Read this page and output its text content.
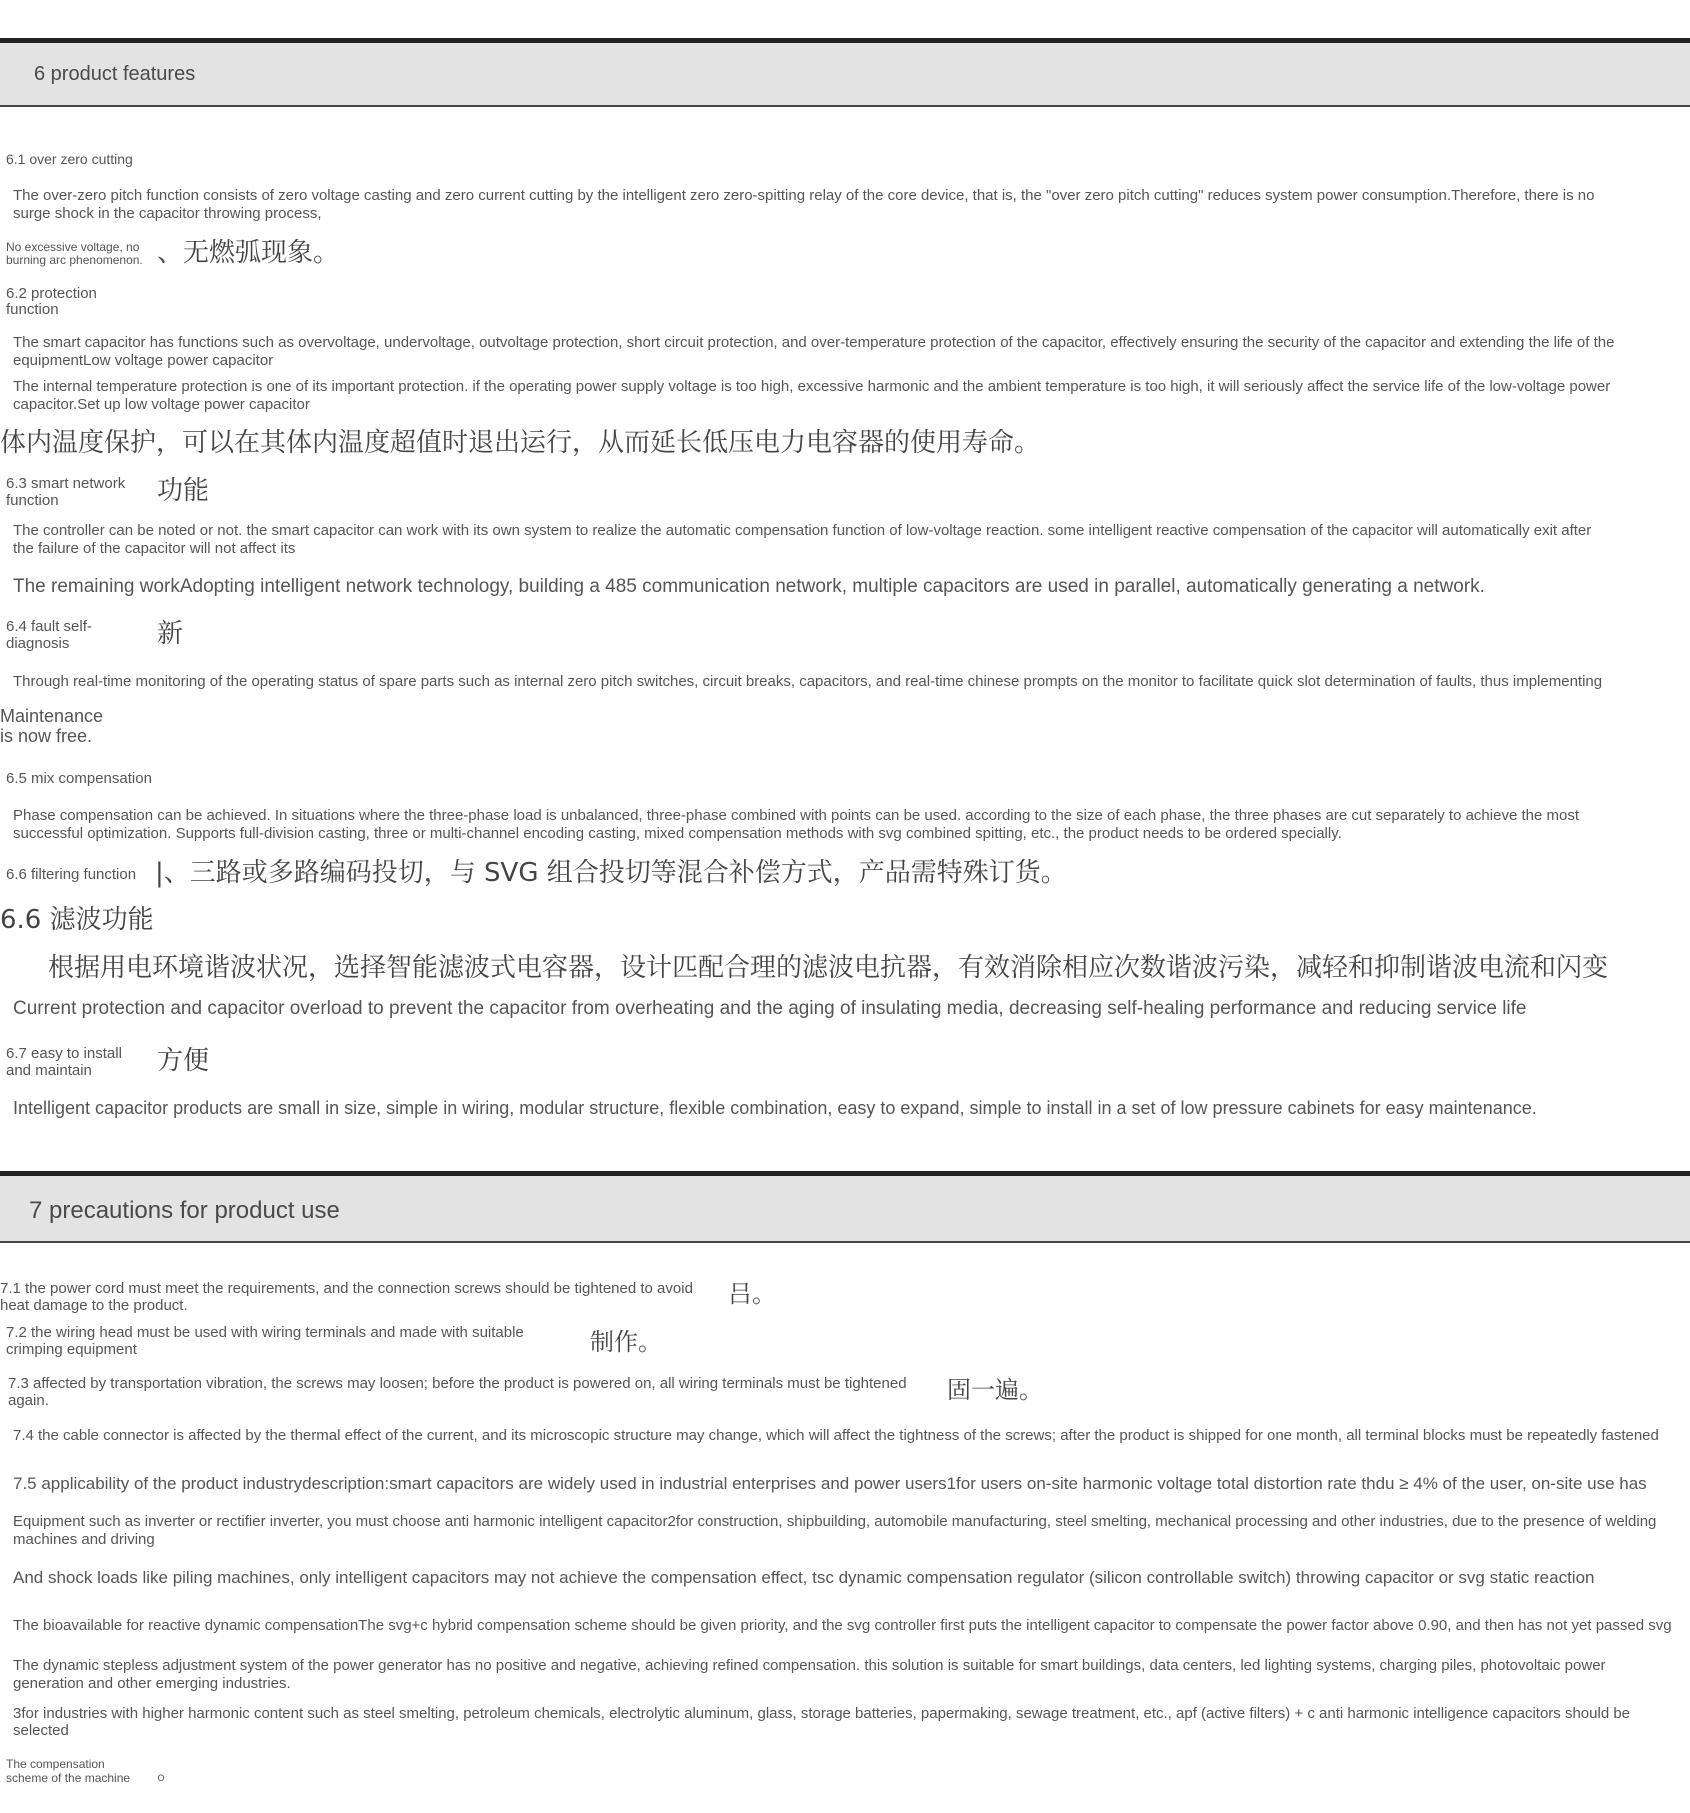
6 product features
6.1 over zero cutting
The over-zero pitch function consists of zero voltage casting and zero current cutting by the intelligent zero zero-spitting relay of the core device, that is, the "over zero pitch cutting" reduces system power consumption.Therefore, there is no
surge shock in the capacitor throwing process,
No excessive voltage, no
burning arc phenomenon. 、无燃弧现象。
6.2 protection
function
The smart capacitor has functions such as overvoltage, undervoltage, outvoltage protection, short circuit protection, and over-temperature protection of the capacitor, effectively ensuring the security of the capacitor and extending the life of the
equipmentLow voltage power capacitor
The internal temperature protection is one of its important protection. if the operating power supply voltage is too high, excessive harmonic and the ambient temperature is too high, it will seriously affect the service life of the low-voltage power
capacitor.Set up low voltage power capacitor
体内温度保护，可以在其体内温度超值时退出运行，从而延长低压电力电容器的使用寿命。
6.3 smart network
function	功能
The controller can be noted or not. the smart capacitor can work with its own system to realize the automatic compensation function of low-voltage reaction. some intelligent reactive compensation of the capacitor will automatically exit after
the failure of the capacitor will not affect its
The remaining workAdopting intelligent network technology, building a 485 communication network, multiple capacitors are used in parallel, automatically generating a network.
6.4 fault self-
diagnosis	新
Through real-time monitoring of the operating status of spare parts such as internal zero pitch switches, circuit breaks, capacitors, and real-time chinese prompts on the monitor to facilitate quick slot determination of faults, thus implementing
Maintenance
is now free.
6.5 mix compensation
Phase compensation can be achieved. In situations where the three-phase load is unbalanced, three-phase combined with points can be used. according to the size of each phase, the three phases are cut separately to achieve the most
successful optimization. Supports full-division casting, three or multi-channel encoding casting, mixed compensation methods with svg combined spitting, etc., the product needs to be ordered specially.
6.6 filtering function |、三路或多路编码投切，与 SVG 组合投切等混合补偿方式，产品需特殊订货。
6.6 滤波功能
根据用电环境谐波状况，选择智能滤波式电容器，设计匹配合理的滤波电抗器，有效消除相应次数谐波污染，减轻和抑制谐波电流和闪变
Current protection and capacitor overload to prevent the capacitor from overheating and the aging of insulating media, decreasing self-healing performance and reducing service life
6.7 easy to install
and maintain	方便
Intelligent capacitor products are small in size, simple in wiring, modular structure, flexible combination, easy to expand, simple to install in a set of low pressure cabinets for easy maintenance.
7 precautions for product use
7.1 the power cord must meet the requirements, and the connection screws should be tightened to avoid
heat damage to the product.	吕。
7.2 the wiring head must be used with wiring terminals and made with suitable
crimping equipment	制作。
7.3 affected by transportation vibration, the screws may loosen; before the product is powered on, all wiring terminals must be tightened
again.	固一遍。
7.4 the cable connector is affected by the thermal effect of the current, and its microscopic structure may change, which will affect the tightness of the screws; after the product is shipped for one month, all terminal blocks must be repeatedly fastened
7.5 applicability of the product industrydescription:smart capacitors are widely used in industrial enterprises and power users1for users on-site harmonic voltage total distortion rate thdu ≥ 4% of the user, on-site use has
Equipment such as inverter or rectifier inverter, you must choose anti harmonic intelligent capacitor2for construction, shipbuilding, automobile manufacturing, steel smelting, mechanical processing and other industries, due to the presence of welding
machines and driving
And shock loads like piling machines, only intelligent capacitors may not achieve the compensation effect, tsc dynamic compensation regulator (silicon controllable switch) throwing capacitor or svg static reaction
The bioavailable for reactive dynamic compensationThe svg+c hybrid compensation scheme should be given priority, and the svg controller first puts the intelligent capacitor to compensate the power factor above 0.90, and then has not yet passed svg
The dynamic stepless adjustment system of the power generator has no positive and negative, achieving refined compensation. this solution is suitable for smart buildings, data centers, led lighting systems, charging piles, photovoltaic power
generation and other emerging industries.
3for industries with higher harmonic content such as steel smelting, petroleum chemicals, electrolytic aluminum, glass, storage batteries, papermaking, sewage treatment, etc., apf (active filters) + c anti harmonic intelligence capacitors should be
selected
The compensation
scheme of the machine 。
